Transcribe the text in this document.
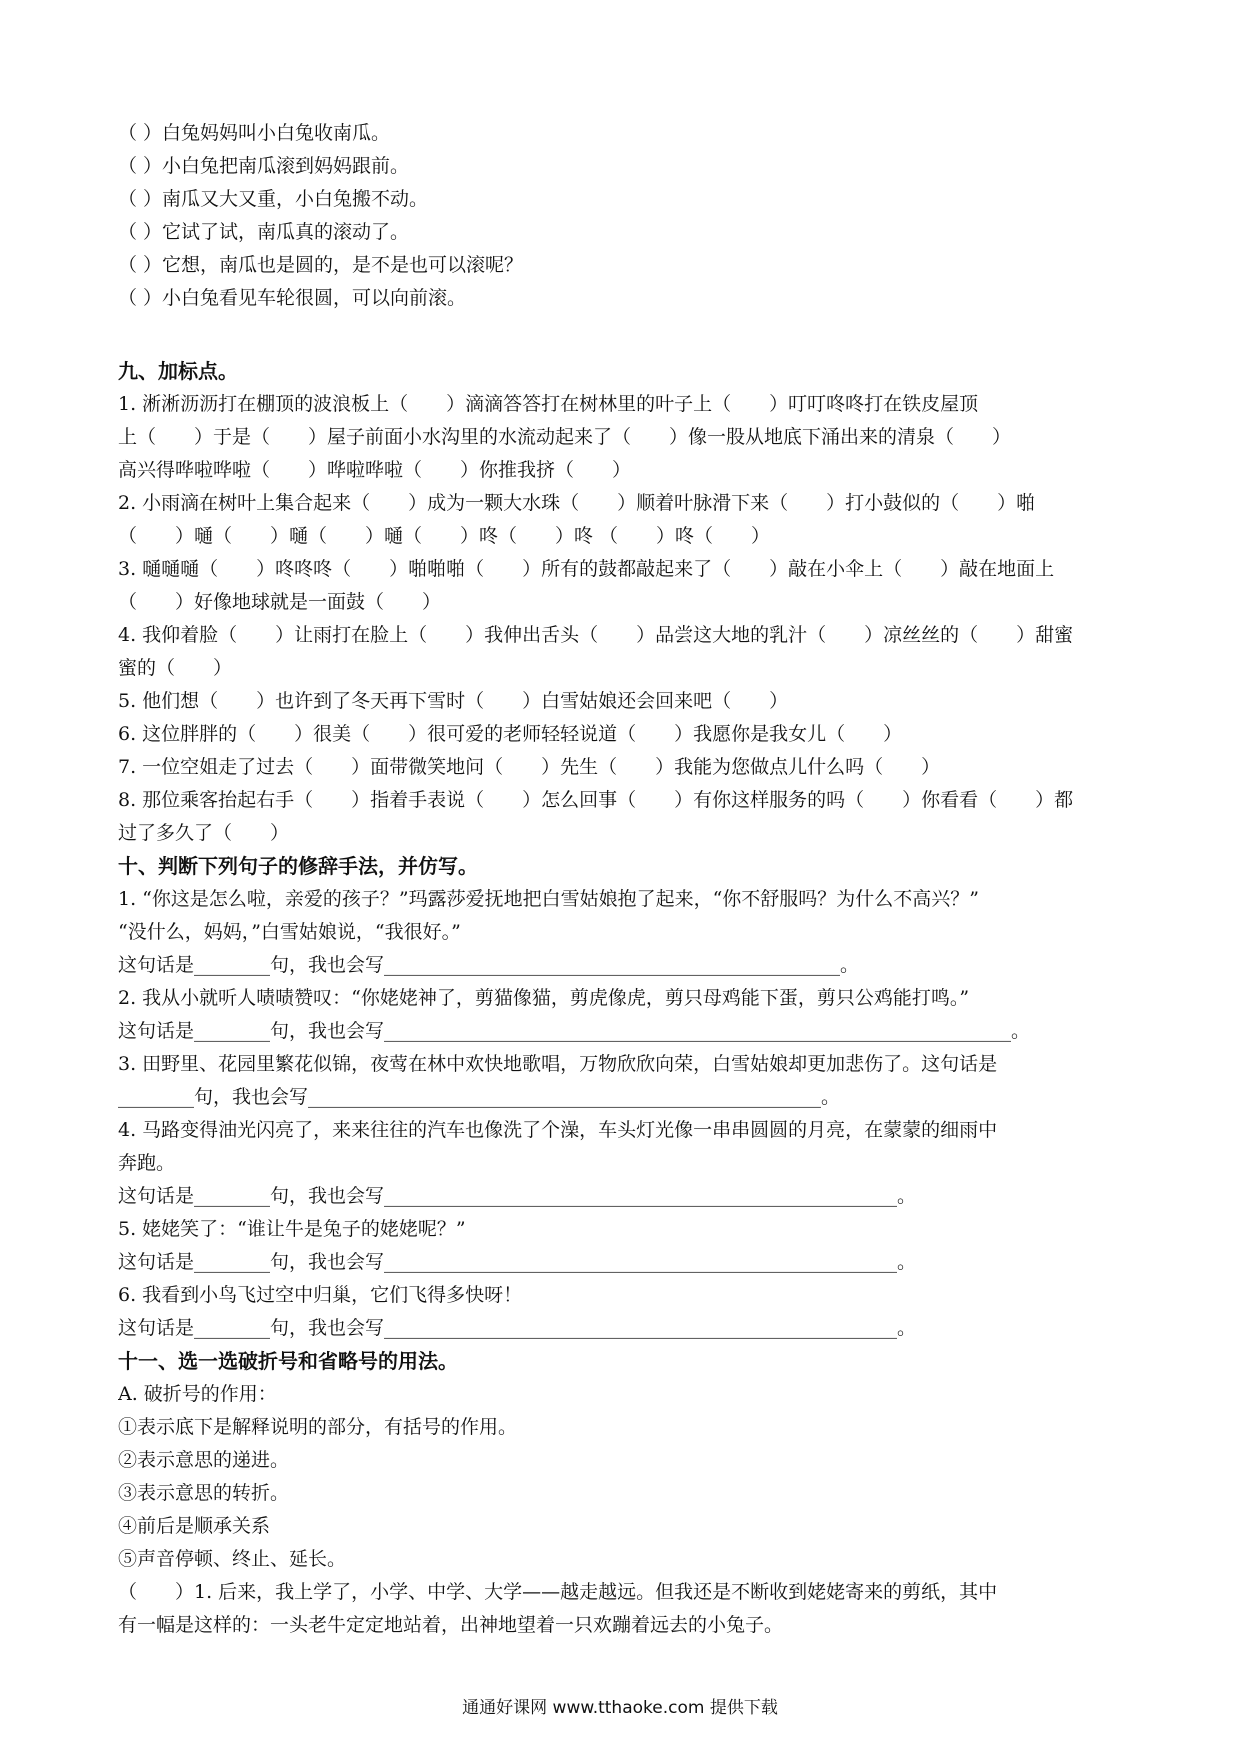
（ ）白兔妈妈叫小白兔收南瓜。
（ ）小白兔把南瓜滚到妈妈跟前。
（ ）南瓜又大又重，小白兔搬不动。
（ ）它试了试，南瓜真的滚动了。
（ ）它想，南瓜也是圆的，是不是也可以滚呢？
（ ）小白兔看见车轮很圆，可以向前滚。
九、加标点。
1. 淅淅沥沥打在棚顶的波浪板上（　　）滴滴答答打在树林里的叶子上（　　）叮叮咚咚打在铁皮屋顶
上（　　）于是（　　）屋子前面小水沟里的水流动起来了（　　）像一股从地底下涌出来的清泉（　　）
高兴得哗啦哗啦（　　）哗啦哗啦（　　）你推我挤（　　）
2. 小雨滴在树叶上集合起来（　　）成为一颗大水珠（　　）顺着叶脉滑下来（　　）打小鼓似的（　　）啪
（　　）嗵（　　）嗵（　　）嗵（　　）咚（　　）咚 （　　）咚（　　）
3. 嗵嗵嗵（　　）咚咚咚（　　）啪啪啪（　　）所有的鼓都敲起来了（　　）敲在小伞上（　　）敲在地面上
（　　）好像地球就是一面鼓（　　）
4. 我仰着脸（　　）让雨打在脸上（　　）我伸出舌头（　　）品尝这大地的乳汁（　　）凉丝丝的（　　）甜蜜
蜜的（　　）
5. 他们想（　　）也许到了冬天再下雪时（　　）白雪姑娘还会回来吧（　　）
6. 这位胖胖的（　　）很美（　　）很可爱的老师轻轻说道（　　）我愿你是我女儿（　　）
7. 一位空姐走了过去（　　）面带微笑地问（　　）先生（　　）我能为您做点儿什么吗（　　）
8. 那位乘客抬起右手（　　）指着手表说（　　）怎么回事（　　）有你这样服务的吗（　　）你看看（　　）都
过了多久了（　　）
十、判断下列句子的修辞手法，并仿写。
1. “你这是怎么啦，亲爱的孩子？”玛露莎爱抚地把白雪姑娘抱了起来，“你不舒服吗？为什么不高兴？”
“没什么，妈妈，”白雪姑娘说，“我很好。”
这句话是________句，我也会写________________________________________________。
2. 我从小就听人啧啧赞叹：“你姥姥神了，剪猫像猫，剪虎像虎，剪只母鸡能下蛋，剪只公鸡能打鸣。”
这句话是________句，我也会写__________________________________________________________________。
3. 田野里、花园里繁花似锦，夜莺在林中欢快地歌唱，万物欣欣向荣，白雪姑娘却更加悲伤了。这句话是
________句，我也会写______________________________________________________。
4. 马路变得油光闪亮了，来来往往的汽车也像洗了个澡，车头灯光像一串串圆圆的月亮，在蒙蒙的细雨中
奔跑。
这句话是________句，我也会写______________________________________________________。
5. 姥姥笑了：“谁让牛是兔子的姥姥呢？”
这句话是________句，我也会写______________________________________________________。
6. 我看到小鸟飞过空中归巢，它们飞得多快呀！
这句话是________句，我也会写______________________________________________________。
十一、选一选破折号和省略号的用法。
A. 破折号的作用：
①表示底下是解释说明的部分，有括号的作用。
②表示意思的递进。
③表示意思的转折。
④前后是顺承关系
⑤声音停顿、终止、延长。
（　　）1. 后来，我上学了，小学、中学、大学——越走越远。但我还是不断收到姥姥寄来的剪纸，其中
有一幅是这样的：一头老牛定定地站着，出神地望着一只欢蹦着远去的小兔子。
通通好课网 www.tthaoke.com 提供下载
